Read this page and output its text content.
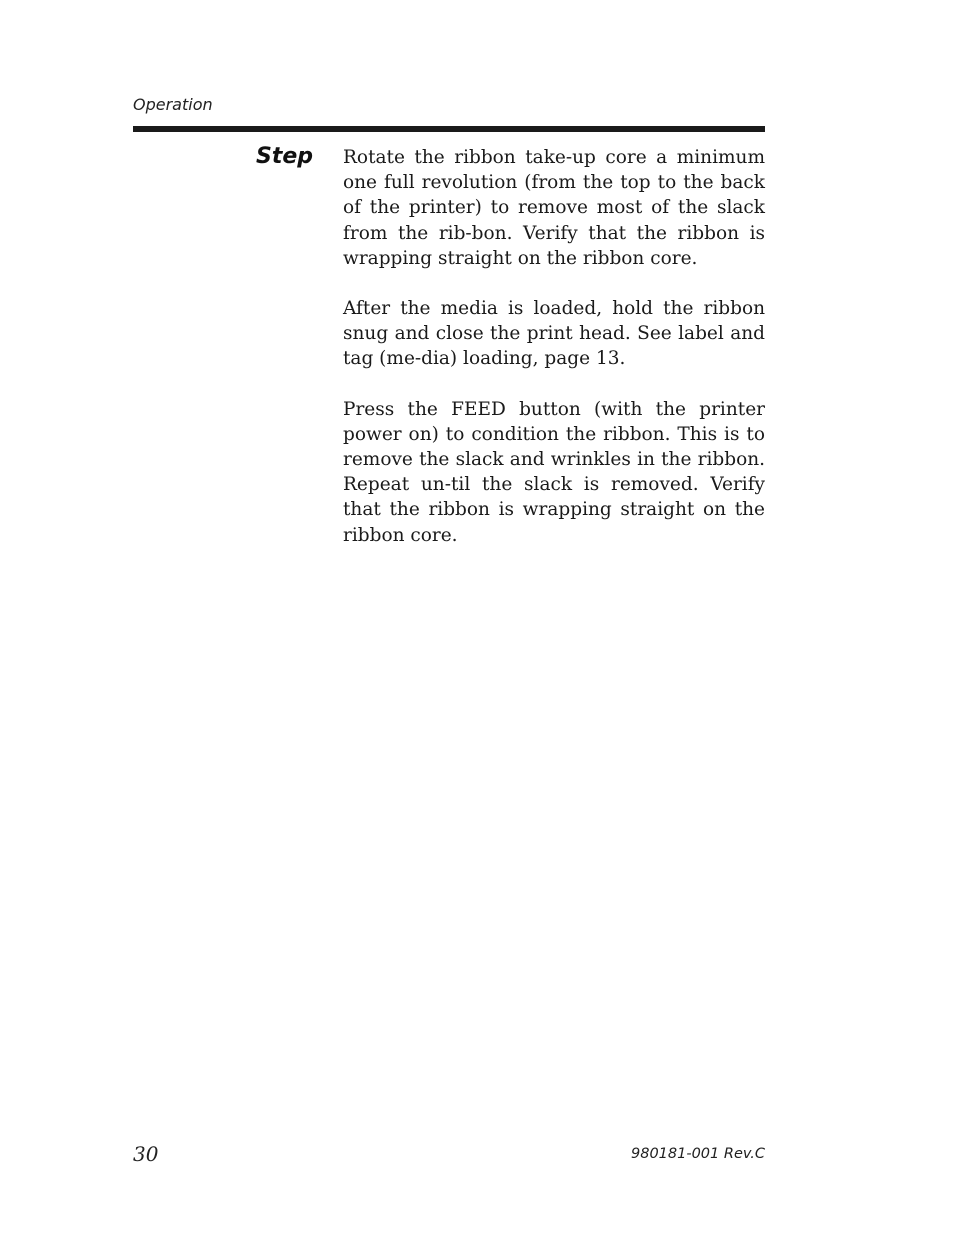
Operation
Step Rotate the ribbon take-up core a minimum one full revolution (from the top to the back of the printer) to remove most of the slack from the rib-bon. Verify that the ribbon is wrapping straight on the ribbon core.

After the media is loaded, hold the ribbon snug and close the print head. See label and tag (me-dia) loading, page 13.

Press the FEED button (with the printer power on) to condition the ribbon. This is to remove the slack and wrinkles in the ribbon. Repeat un-til the slack is removed. Verify that the ribbon is wrapping straight on the ribbon core.

30	980181-001 Rev.C
